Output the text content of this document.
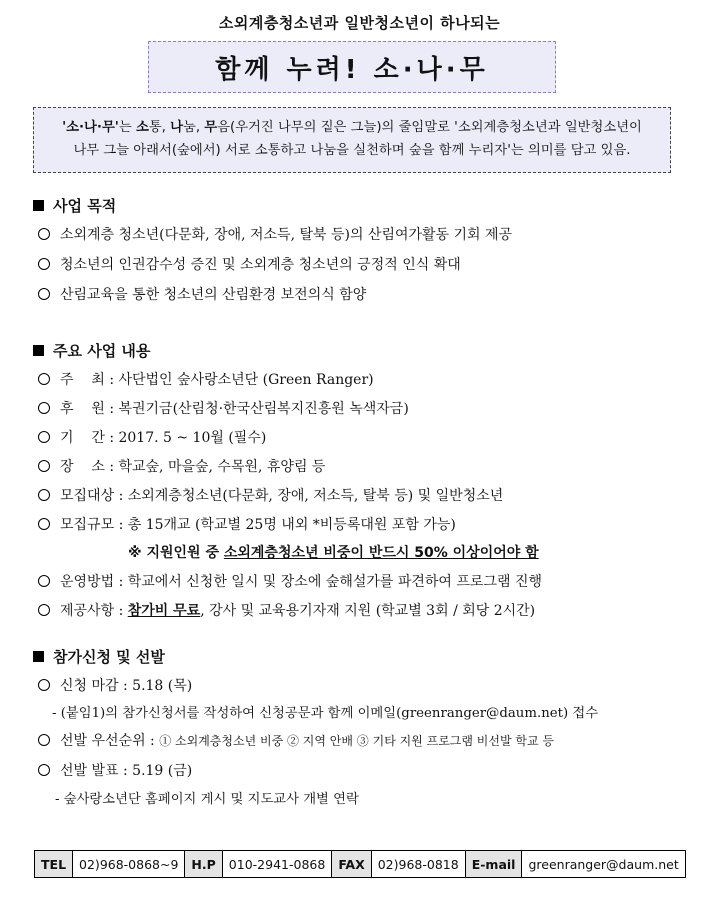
소외계층청소년과 일반청소년이 하나되는
함께 누려! 소·나·무
'소·나·무'는 소통, 나눔, 무음(우거진 나무의 짙은 그늘)의 줄임말로 '소외계층청소년과 일반청소년이
나무 그늘 아래서(숲에서) 서로 소통하고 나눔을 실천하며 숲을 함께 누리자'는 의미를 담고 있음.
사업 목적
소외계층 청소년(다문화, 장애, 저소득, 탈북 등)의 산림여가활동 기회 제공
청소년의 인권감수성 증진 및 소외계층 청소년의 긍정적 인식 확대
산림교육을 통한 청소년의 산림환경 보전의식 함양
주요 사업 내용
주    최 : 사단법인 숲사랑소년단 (Green Ranger)
후    원 : 복권기금(산림청·한국산림복지진흥원 녹색자금)
기    간 : 2017. 5 ~ 10월 (필수)
장    소 : 학교숲, 마을숲, 수목원, 휴양림 등
모집대상 : 소외계층청소년(다문화, 장애, 저소득, 탈북 등) 및 일반청소년
모집규모 : 총 15개교 (학교별 25명 내외 *비등록대원 포함 가능)
※ 지원인원 중 소외계층청소년 비중이 반드시 50% 이상이어야 함
운영방법 : 학교에서 신청한 일시 및 장소에 숲해설가를 파견하여 프로그램 진행
제공사항 : 참가비 무료, 강사 및 교육용기자재 지원 (학교별 3회 / 회당 2시간)
참가신청 및 선발
신청 마감 : 5.18 (목)
- (붙임1)의 참가신청서를 작성하여 신청공문과 함께 이메일(greenranger@daum.net) 접수
선발 우선순위 : ① 소외계층청소년 비중 ② 지역 안배 ③ 기타 지원 프로그램 비선발 학교 등
선발 발표 : 5.19 (금)
- 숲사랑소년단 홈페이지 게시 및 지도교사 개별 연락
TEL	02)968-0868~9	H.P	010-2941-0868	FAX	02)968-0818	E-mail	greenranger@daum.net
